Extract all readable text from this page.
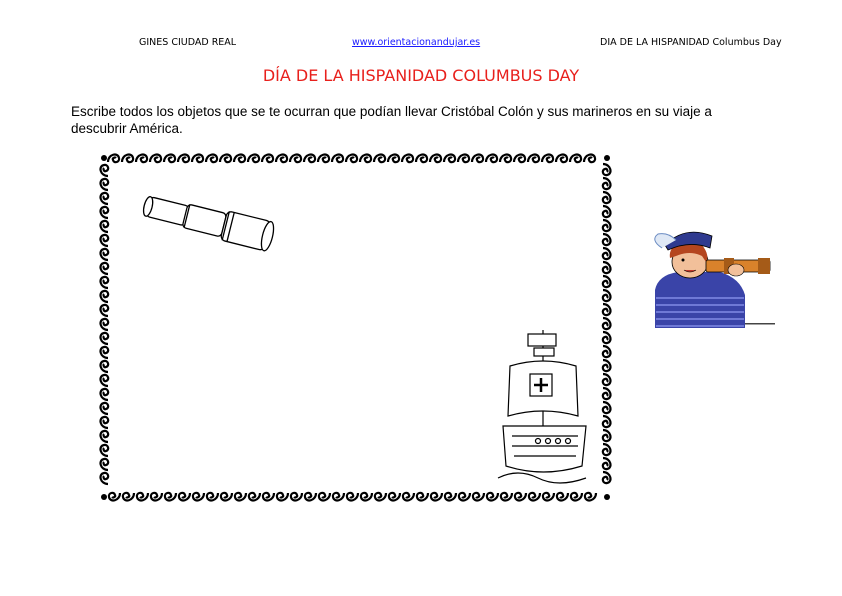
GINES CIUDAD REAL	www.orientacionandujar.es	DIA DE LA HISPANIDAD Columbus Day
DÍA DE LA HISPANIDAD COLUMBUS DAY
Escribe todos los objetos que se te ocurran que podían llevar Cristóbal Colón y sus marineros en su viaje a descubrir América.
